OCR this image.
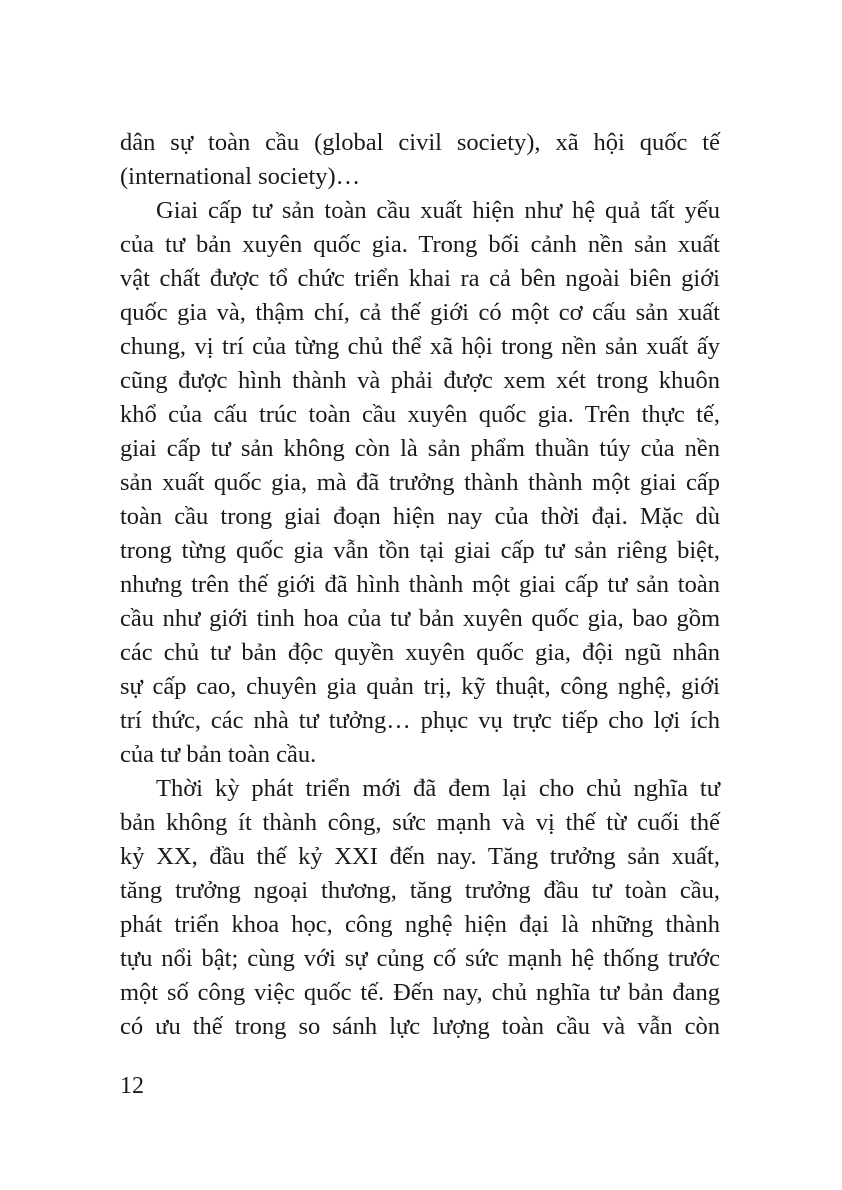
dân sự toàn cầu (global civil society), xã hội quốc tế
(international society)…
Giai cấp tư sản toàn cầu xuất hiện như hệ quả tất yếu
của tư bản xuyên quốc gia. Trong bối cảnh nền sản xuất
vật chất được tổ chức triển khai ra cả bên ngoài biên giới
quốc gia và, thậm chí, cả thế giới có một cơ cấu sản xuất
chung, vị trí của từng chủ thể xã hội trong nền sản xuất ấy
cũng được hình thành và phải được xem xét trong khuôn
khổ của cấu trúc toàn cầu xuyên quốc gia. Trên thực tế,
giai cấp tư sản không còn là sản phẩm thuần túy của nền
sản xuất quốc gia, mà đã trưởng thành thành một giai cấp
toàn cầu trong giai đoạn hiện nay của thời đại. Mặc dù
trong từng quốc gia vẫn tồn tại giai cấp tư sản riêng biệt,
nhưng trên thế giới đã hình thành một giai cấp tư sản toàn
cầu như giới tinh hoa của tư bản xuyên quốc gia, bao gồm
các chủ tư bản độc quyền xuyên quốc gia, đội ngũ nhân
sự cấp cao, chuyên gia quản trị, kỹ thuật, công nghệ, giới
trí thức, các nhà tư tưởng… phục vụ trực tiếp cho lợi ích
của tư bản toàn cầu.
Thời kỳ phát triển mới đã đem lại cho chủ nghĩa tư
bản không ít thành công, sức mạnh và vị thế từ cuối thế
kỷ XX, đầu thế kỷ XXI đến nay. Tăng trưởng sản xuất,
tăng trưởng ngoại thương, tăng trưởng đầu tư toàn cầu,
phát triển khoa học, công nghệ hiện đại là những thành
tựu nổi bật; cùng với sự củng cố sức mạnh hệ thống trước
một số công việc quốc tế. Đến nay, chủ nghĩa tư bản đang
có ưu thế trong so sánh lực lượng toàn cầu và vẫn còn
12
